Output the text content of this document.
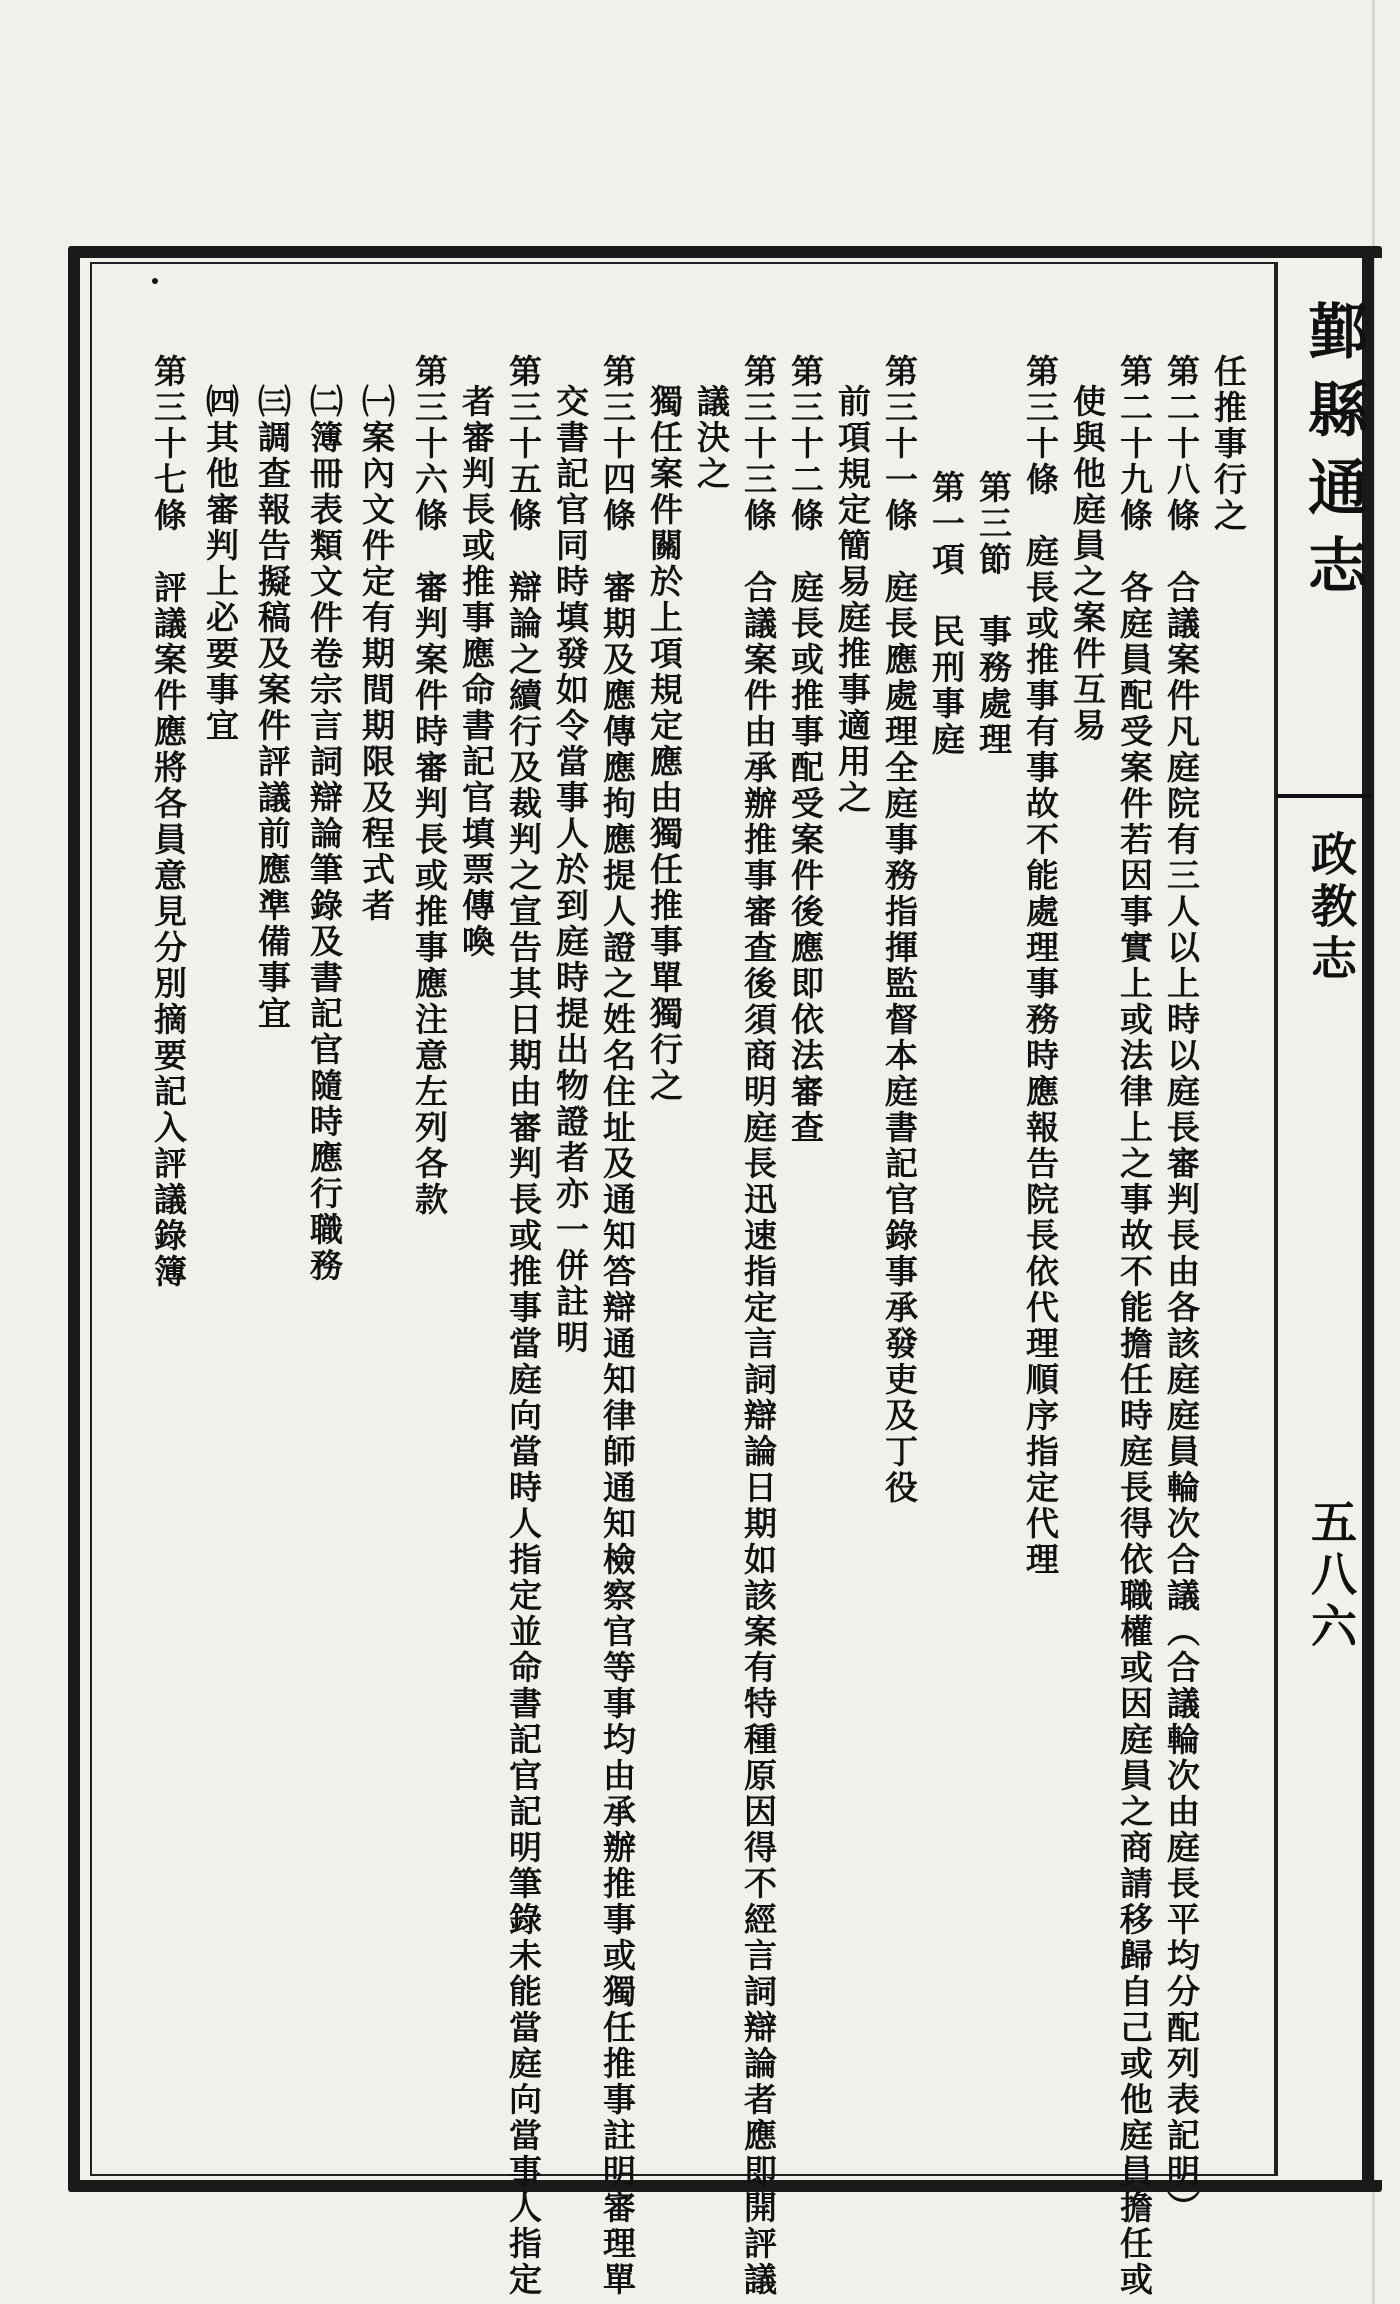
鄞縣通志
政教志
五八六
任推事行之
第二十八條　合議案件凡庭院有三人以上時以庭長審判長由各該庭庭員輪次合議（合議輪次由庭長平均分配列表記明）
第二十九條　各庭員配受案件若因事實上或法律上之事故不能擔任時庭長得依職權或因庭員之商請移歸自己或他庭員擔任或
使與他庭員之案件互易
第三十條　庭長或推事有事故不能處理事務時應報告院長依代理順序指定代理
第三節　事務處理
第一項　民刑事庭
第三十一條　庭長應處理全庭事務指揮監督本庭書記官錄事承發吏及丁役
前項規定簡易庭推事適用之
第三十二條　庭長或推事配受案件後應即依法審查
第三十三條　合議案件由承辦推事審查後須商明庭長迅速指定言詞辯論日期如該案有特種原因得不經言詞辯論者應即開評議
議決之
獨任案件關於上項規定應由獨任推事單獨行之
第三十四條　審期及應傳應拘應提人證之姓名住址及通知答辯通知律師通知檢察官等事均由承辦推事或獨任推事註明審理單
交書記官同時填發如令當事人於到庭時提出物證者亦一併註明
第三十五條　辯論之續行及裁判之宣告其日期由審判長或推事當庭向當時人指定並命書記官記明筆錄未能當庭向當事人指定
者審判長或推事應命書記官填票傳喚
第三十六條　審判案件時審判長或推事應注意左列各款
㈠案內文件定有期間期限及程式者
㈡簿冊表類文件卷宗言詞辯論筆錄及書記官隨時應行職務
㈢調查報告擬稿及案件評議前應準備事宜
㈣其他審判上必要事宜
第三十七條　評議案件應將各員意見分別摘要記入評議錄簿
